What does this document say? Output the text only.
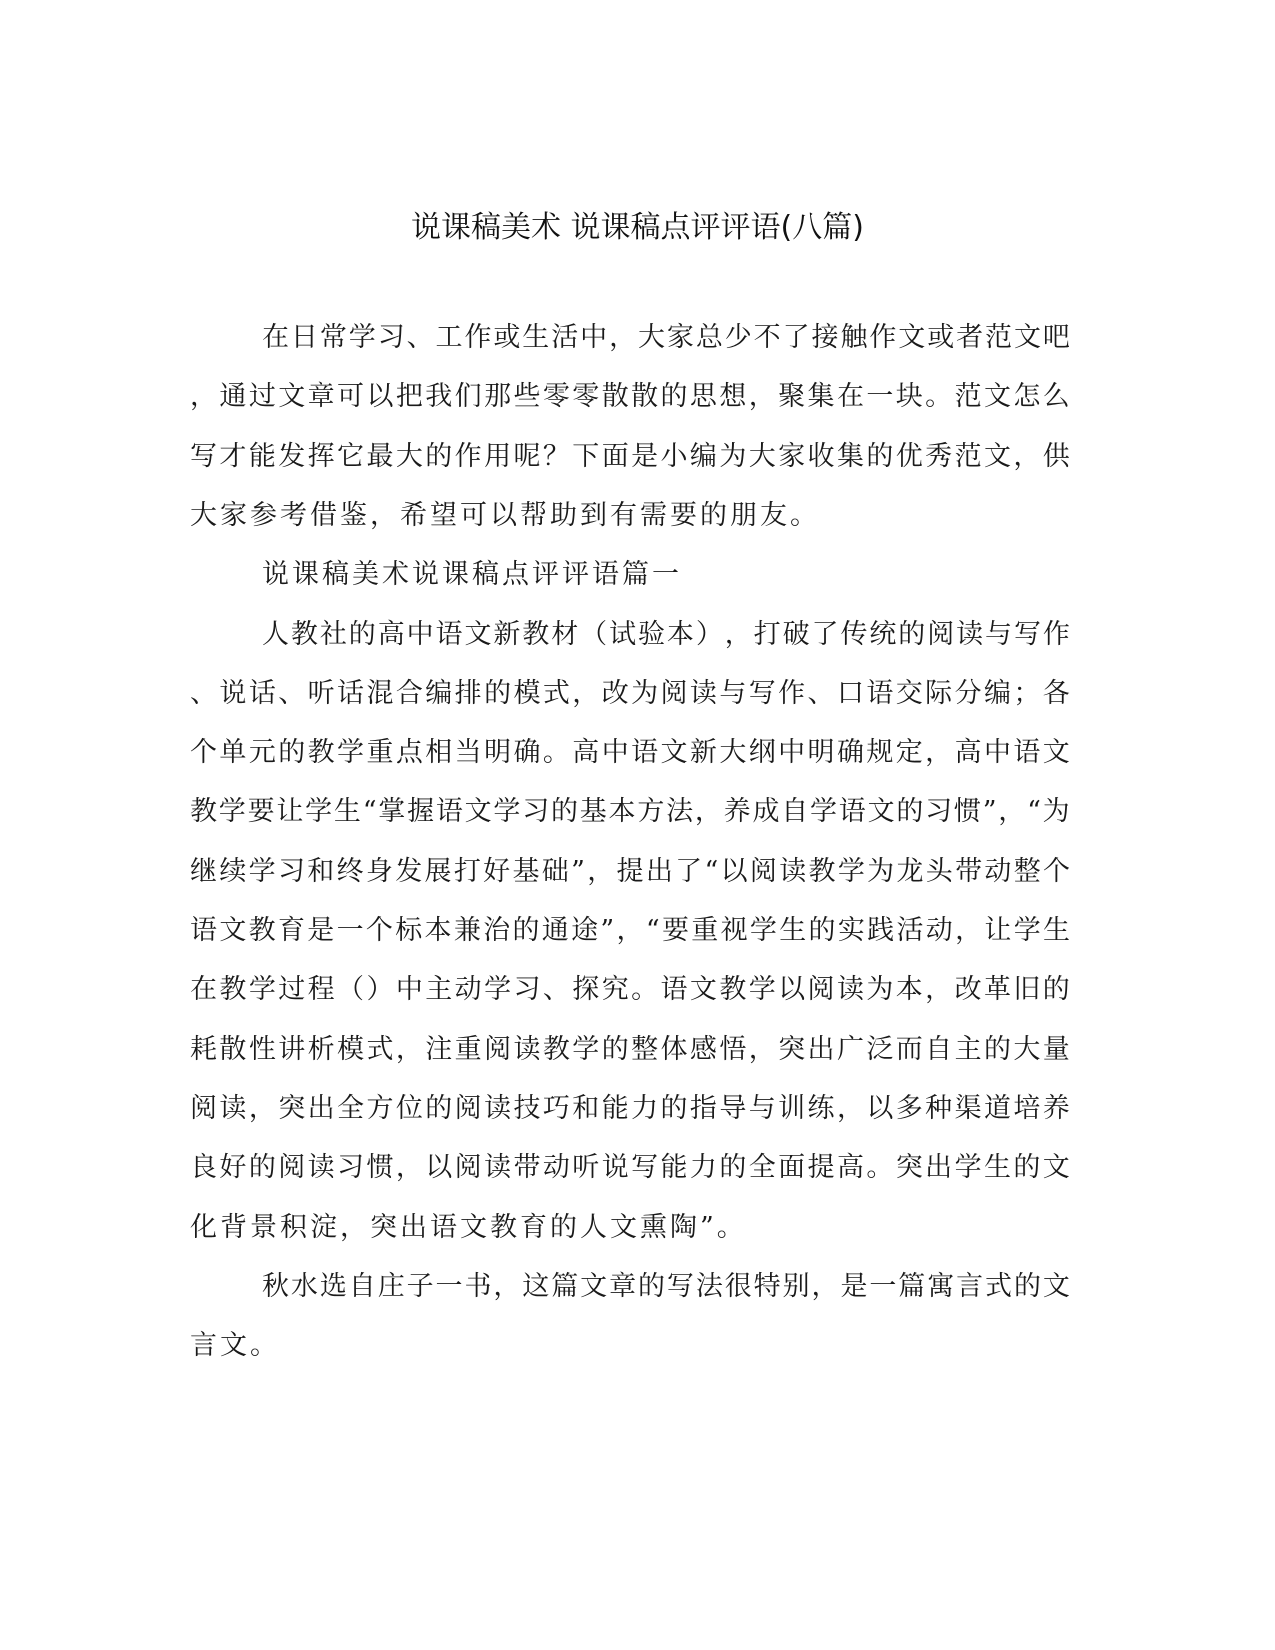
说课稿美术 说课稿点评评语(八篇)
在 日 常 学 习 、 工 作 或 生 活 中 ， 大 家 总 少 不 了 接 触 作 文 或 者 范 文 吧
， 通 过 文 章 可 以 把 我 们 那 些 零 零 散 散 的 思 想 ， 聚 集 在 一 块 。 范 文 怎 么
写 才 能 发 挥 它 最 大 的 作 用 呢 ？ 下 面 是 小 编 为 大 家 收 集 的 优 秀 范 文 ， 供
大家参考借鉴，希望可以帮助到有需要的朋友。
说课稿美术说课稿点评评语篇一
人 教 社 的 高 中 语 文 新 教 材 （ 试 验 本 ） ， 打 破 了 传 统 的 阅 读 与 写 作
、 说 话 、 听 话 混 合 编 排 的 模 式 ， 改 为 阅 读 与 写 作 、 口 语 交 际 分 编 ； 各
个 单 元 的 教 学 重 点 相 当 明 确 。 高 中 语 文 新 大 纲 中 明 确 规 定 ， 高 中 语 文
教 学 要 让 学 生 “ 掌 握 语 文 学 习 的 基 本 方 法 ， 养 成 自 学 语 文 的 习 惯 ” ， “ 为
继 续 学 习 和 终 身 发 展 打 好 基 础 ” ， 提 出 了 “ 以 阅 读 教 学 为 龙 头 带 动 整 个
语 文 教 育 是 一 个 标 本 兼 治 的 通 途 ” ， “ 要 重 视 学 生 的 实 践 活 动 ， 让 学 生
在 教 学 过 程 （ ） 中 主 动 学 习 、 探 究 。 语 文 教 学 以 阅 读 为 本 ， 改 革 旧 的
耗 散 性 讲 析 模 式 ， 注 重 阅 读 教 学 的 整 体 感 悟 ， 突 出 广 泛 而 自 主 的 大 量
阅 读 ， 突 出 全 方 位 的 阅 读 技 巧 和 能 力 的 指 导 与 训 练 ， 以 多 种 渠 道 培 养
良 好 的 阅 读 习 惯 ， 以 阅 读 带 动 听 说 写 能 力 的 全 面 提 高 。 突 出 学 生 的 文
化背景积淀，突出语文教育的人文熏陶”。
秋 水 选 自 庄 子 一 书 ， 这 篇 文 章 的 写 法 很 特 别 ， 是 一 篇 寓 言 式 的 文
言文。
